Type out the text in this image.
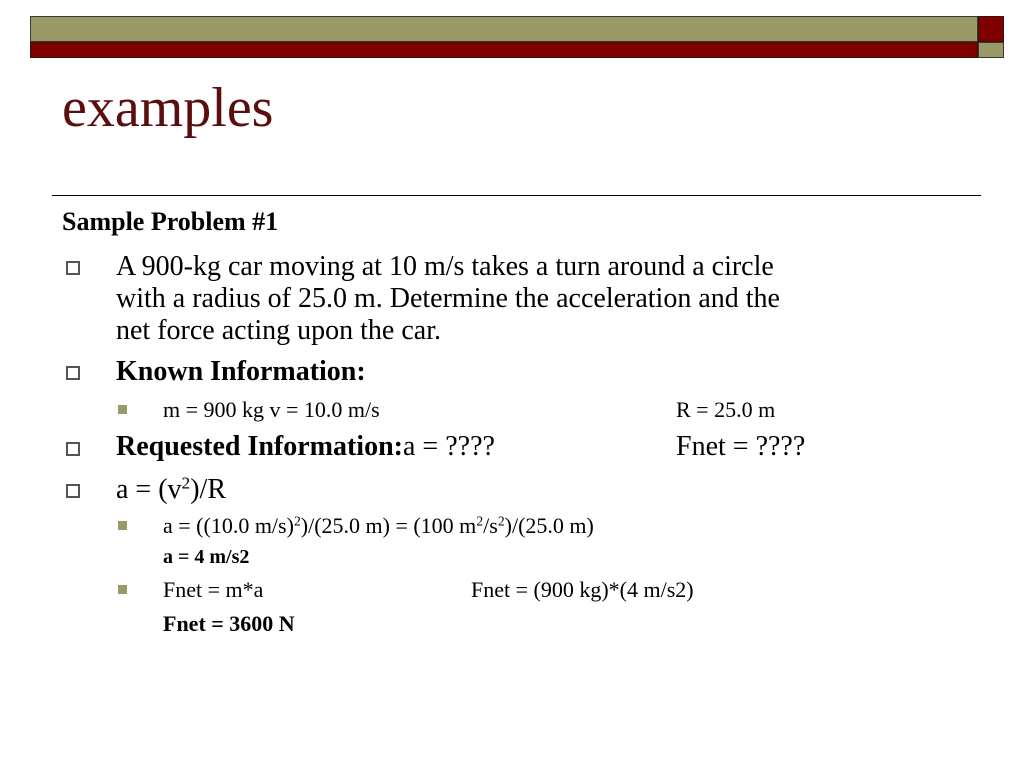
examples
Sample Problem #1
A 900-kg car moving at 10 m/s takes a turn around a circle
with a radius of 25.0 m. Determine the acceleration and the
net force acting upon the car.
Known Information:
m = 900 kg v = 10.0 m/s	R = 25.0 m
Requested Information:a = ????	Fnet = ????
$a = (v^2)/R$
a = ((10.0 m/s)$^2$)/(25.0 m) = (100 $m^2/s^2)/(25.0$ m)
a = 4 m/s2
Fnet = m*a	Fnet = (900 kg)*(4 m/s2)
Fnet = 3600 N
